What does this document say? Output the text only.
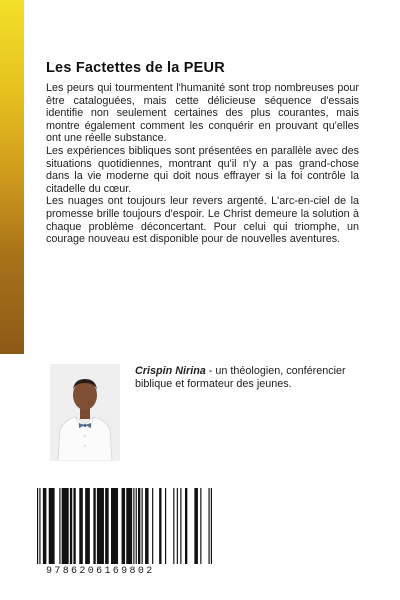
Les Factettes de la PEUR

Les peurs qui tourmentent l'humanité sont trop nombreuses pour être cataloguées, mais cette délicieuse séquence d'essais identifie non seulement certaines des plus courantes, mais montre également comment les conquérir en prouvant qu'elles ont une réelle substance.

Les expériences bibliques sont présentées en parallèle avec des situations quotidiennes, montrant qu'il n'y a pas grand-chose dans la vie moderne qui doit nous effrayer si la foi contrôle la citadelle du cœur.

Les nuages ont toujours leur revers argenté. L'arc-en-ciel de la promesse brille toujours d'espoir. Le Christ demeure la solution à chaque problème déconcertant. Pour celui qui triomphe, un courage nouveau est disponible pour de nouvelles aventures.

Crispin Nirina - un théologien, conférencier biblique et formateur des jeunes.
9786206169802
